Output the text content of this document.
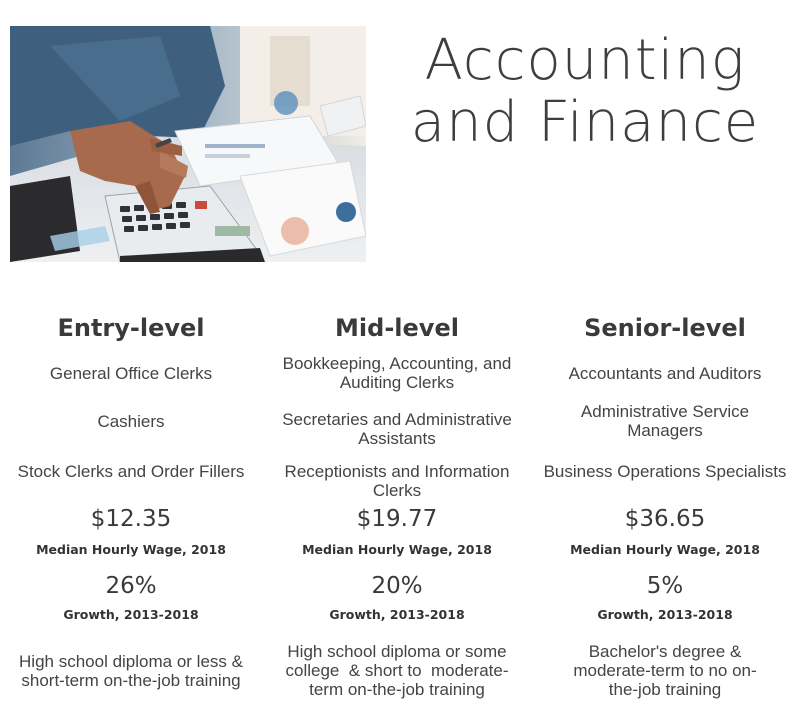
Accounting
and Finance
Entry-level
General Office Clerks
Cashiers
Stock Clerks and Order Fillers
$12.35
Median Hourly Wage, 2018
26%
Growth, 2013-2018
High school diploma or less &
short-term on-the-job training
Mid-level
Bookkeeping, Accounting, and Auditing Clerks
Secretaries and Administrative Assistants
Receptionists and Information Clerks
$19.77
Median Hourly Wage, 2018
20%
Growth, 2013-2018
High school diploma or some
college  & short to  moderate-
term on-the-job training
Senior-level
Accountants and Auditors
Administrative Service Managers
Business Operations Specialists
$36.65
Median Hourly Wage, 2018
5%
Growth, 2013-2018
Bachelor's degree &
moderate-term to no on-
the-job training
